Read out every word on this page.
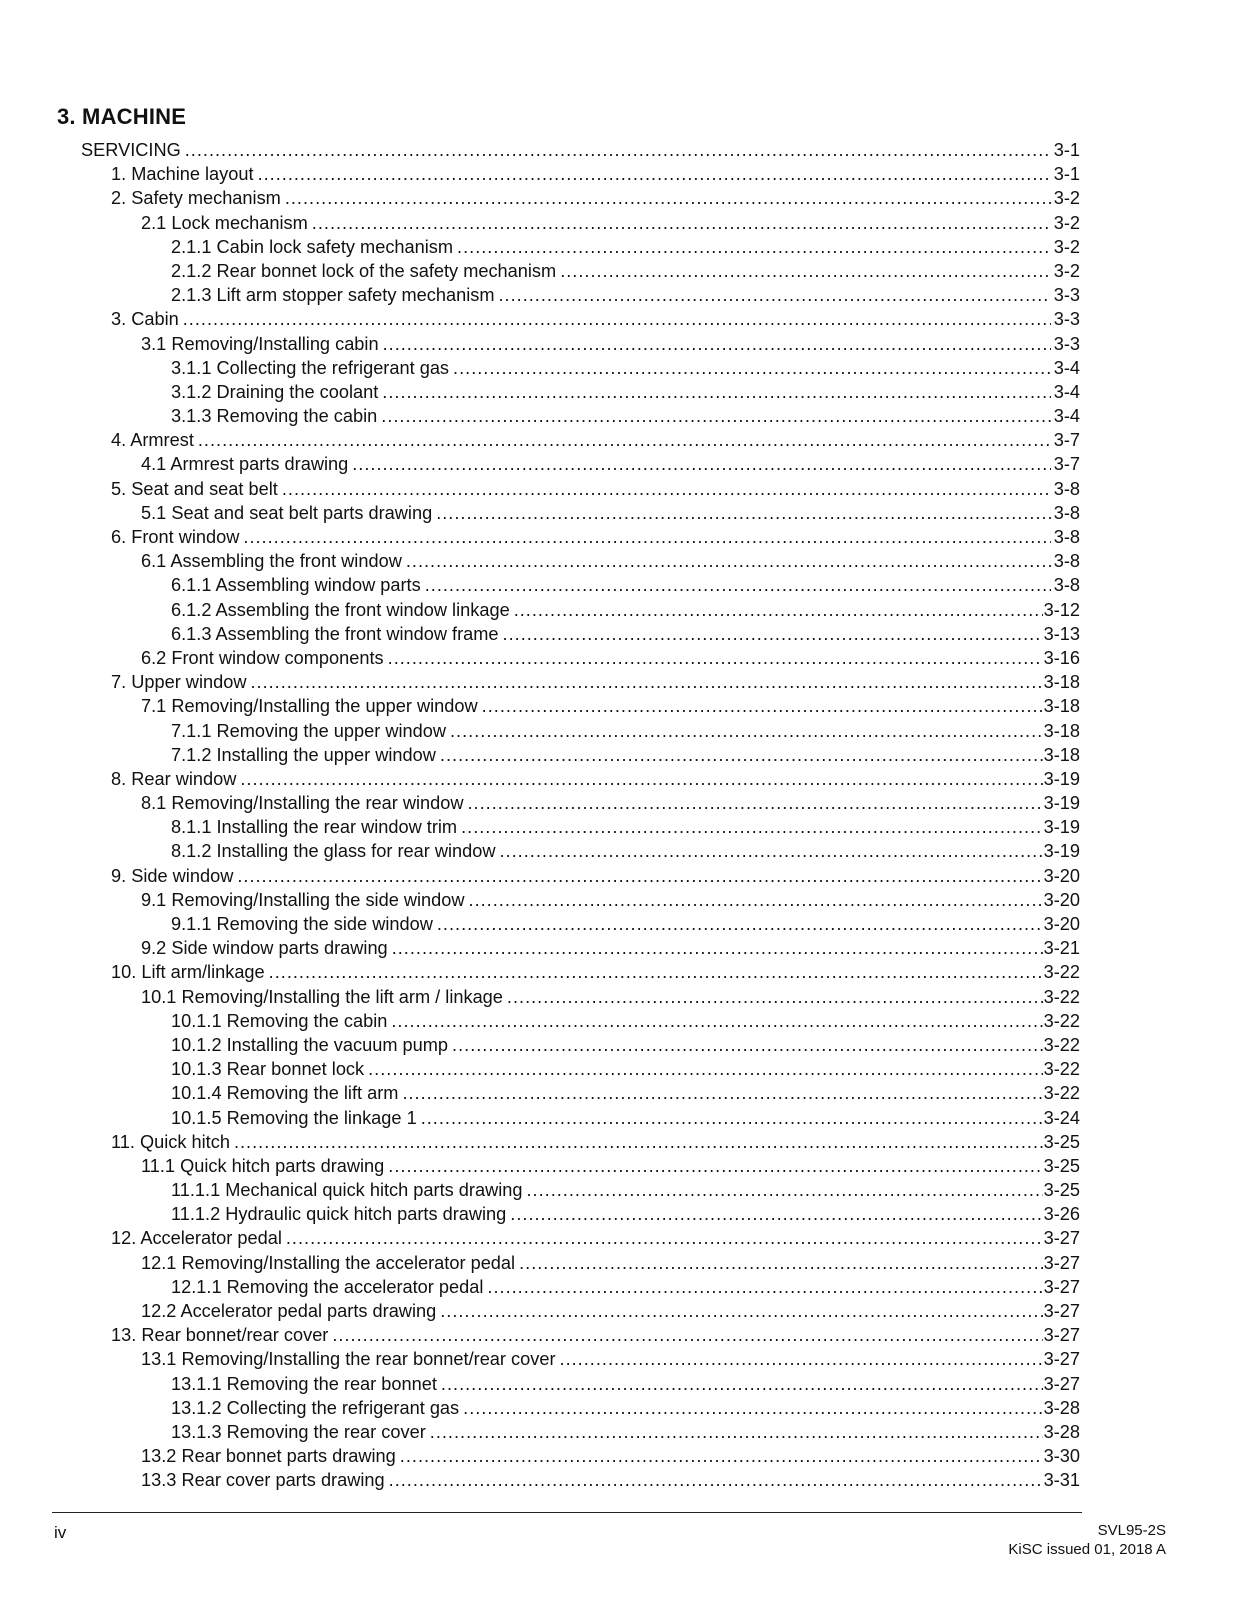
3. MACHINE
SERVICING .....	3-1
1. Machine layout .....	3-1
2. Safety mechanism .....	3-2
2.1 Lock mechanism .....	3-2
2.1.1 Cabin lock safety mechanism .....	3-2
2.1.2 Rear bonnet lock of the safety mechanism .....	3-2
2.1.3 Lift arm stopper safety mechanism .....	3-3
3. Cabin .....	3-3
3.1 Removing/Installing cabin .....	3-3
3.1.1 Collecting the refrigerant gas .....	3-4
3.1.2 Draining the coolant .....	3-4
3.1.3 Removing the cabin .....	3-4
4. Armrest .....	3-7
4.1 Armrest parts drawing .....	3-7
5. Seat and seat belt .....	3-8
5.1 Seat and seat belt parts drawing .....	3-8
6. Front window .....	3-8
6.1 Assembling the front window .....	3-8
6.1.1 Assembling window parts .....	3-8
6.1.2 Assembling the front window linkage .....	3-12
6.1.3 Assembling the front window frame .....	3-13
6.2 Front window components .....	3-16
7. Upper window .....	3-18
7.1 Removing/Installing the upper window .....	3-18
7.1.1 Removing the upper window .....	3-18
7.1.2 Installing the upper window .....	3-18
8. Rear window .....	3-19
8.1 Removing/Installing the rear window .....	3-19
8.1.1 Installing the rear window trim .....	3-19
8.1.2 Installing the glass for rear window .....	3-19
9. Side window .....	3-20
9.1 Removing/Installing the side window .....	3-20
9.1.1 Removing the side window .....	3-20
9.2 Side window parts drawing .....	3-21
10. Lift arm/linkage .....	3-22
10.1 Removing/Installing the lift arm / linkage .....	3-22
10.1.1 Removing the cabin .....	3-22
10.1.2 Installing the vacuum pump .....	3-22
10.1.3 Rear bonnet lock .....	3-22
10.1.4 Removing the lift arm .....	3-22
10.1.5 Removing the linkage 1 .....	3-24
11. Quick hitch .....	3-25
11.1 Quick hitch parts drawing .....	3-25
11.1.1 Mechanical quick hitch parts drawing .....	3-25
11.1.2 Hydraulic quick hitch parts drawing .....	3-26
12. Accelerator pedal .....	3-27
12.1 Removing/Installing the accelerator pedal .....	3-27
12.1.1 Removing the accelerator pedal .....	3-27
12.2 Accelerator pedal parts drawing .....	3-27
13. Rear bonnet/rear cover .....	3-27
13.1 Removing/Installing the rear bonnet/rear cover .....	3-27
13.1.1 Removing the rear bonnet .....	3-27
13.1.2 Collecting the refrigerant gas .....	3-28
13.1.3 Removing the rear cover .....	3-28
13.2 Rear bonnet parts drawing .....	3-30
13.3 Rear cover parts drawing .....	3-31
iv	SVL95-2S
KiSC issued 01, 2018 A
